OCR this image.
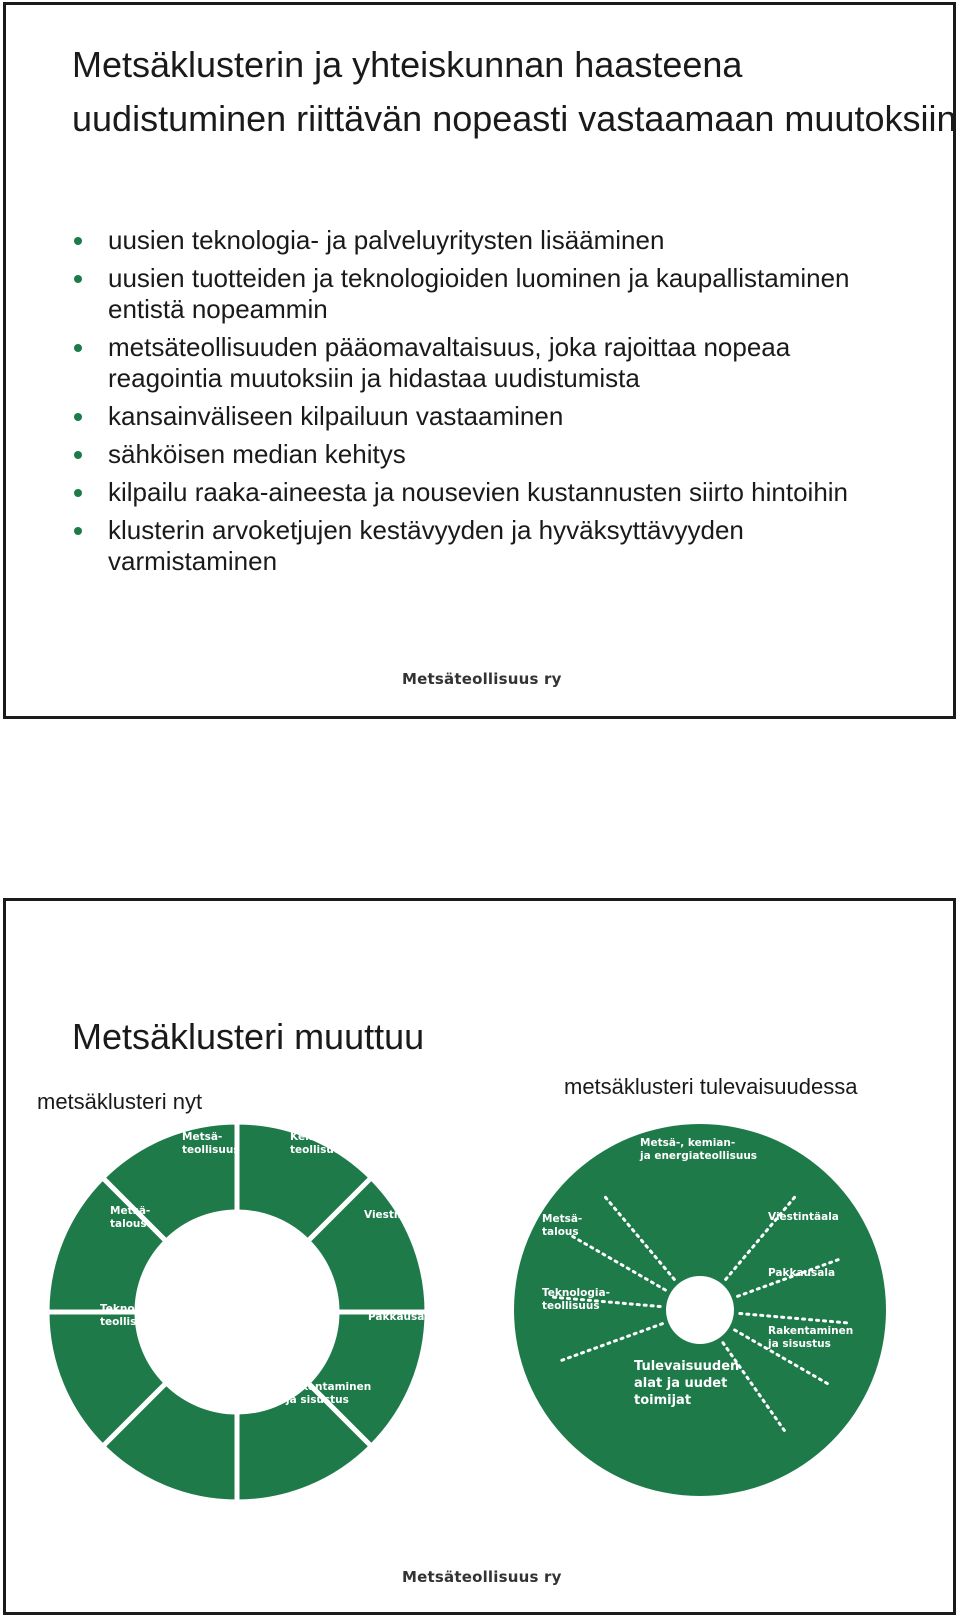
Metsäklusterin ja yhteiskunnan haasteena uudistuminen riittävän nopeasti vastaamaan muutoksiin
uusien teknologia- ja palveluyritysten lisääminen
uusien tuotteiden ja teknologioiden luominen ja kaupallistaminen entistä nopeammin
metsäteollisuuden pääomavaltaisuus, joka rajoittaa nopeaa reagointia muutoksiin ja hidastaa uudistumista
kansainväliseen kilpailuun vastaaminen
sähköisen median kehitys
kilpailu raaka-aineesta ja nousevien kustannusten siirto hintoihin
klusterin arvoketjujen kestävyyden ja hyväksyttävyyden varmistaminen
Metsäteollisuus ry
Metsäklusteri muuttuu
metsäklusteri nyt
metsäklusteri tulevaisuudessa
Metsä-teollisuus
Kemian-teollisuus
Viestintäala
Pakkausala
Rakentaminen ja sisustus
Muut alat
Teknologia-teollisuus
Metsä-talous
Metsä-, kemian-ja energiateollisuus
Viestintäala
Pakkausala
Rakentaminen ja sisustus
Tulevaisuuden alat ja uudet toimijat
Teknologia-teollisuus
Metsä-talous
Metsäteollisuus ry
